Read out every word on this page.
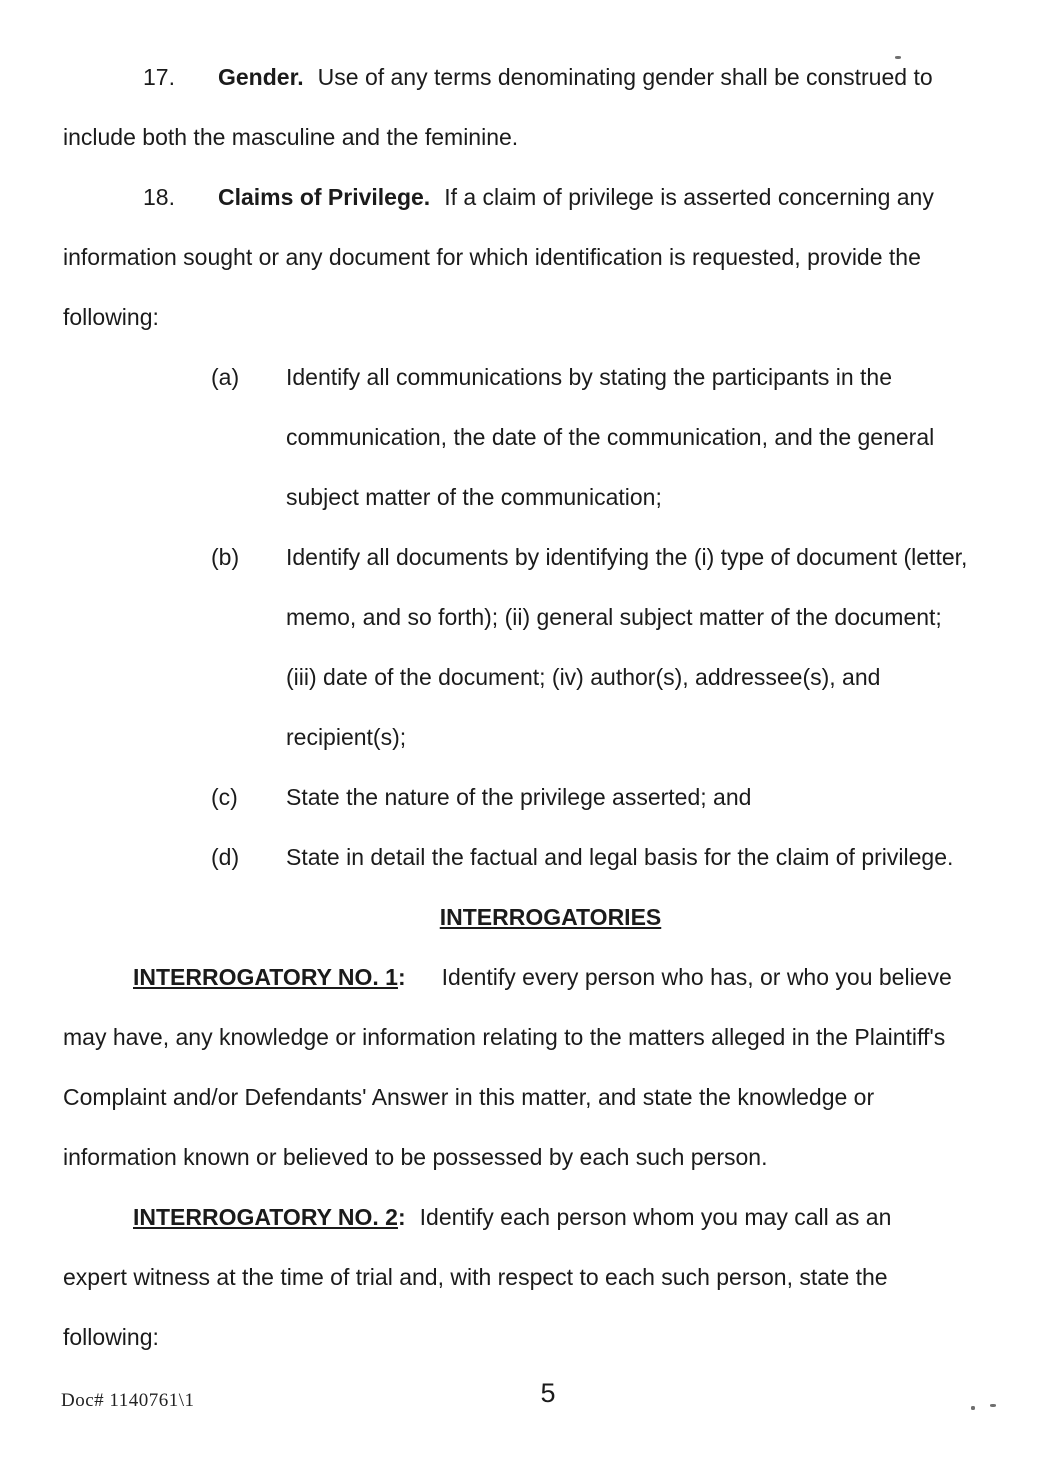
17. Gender. Use of any terms denominating gender shall be construed to
include both the masculine and the feminine.
18. Claims of Privilege. If a claim of privilege is asserted concerning any
information sought or any document for which identification is requested, provide the
following:
(a) Identify all communications by stating the participants in the
communication, the date of the communication, and the general
subject matter of the communication;
(b) Identify all documents by identifying the (i) type of document (letter,
memo, and so forth); (ii) general subject matter of the document;
(iii) date of the document; (iv) author(s), addressee(s), and
recipient(s);
(c) State the nature of the privilege asserted; and
(d) State in detail the factual and legal basis for the claim of privilege.
INTERROGATORIES
INTERROGATORY NO. 1: Identify every person who has, or who you believe
may have, any knowledge or information relating to the matters alleged in the Plaintiff's
Complaint and/or Defendants' Answer in this matter, and state the knowledge or
information known or believed to be possessed by each such person.
INTERROGATORY NO. 2: Identify each person whom you may call as an
expert witness at the time of trial and, with respect to each such person, state the
following:
Doc# 1140761\1	5
